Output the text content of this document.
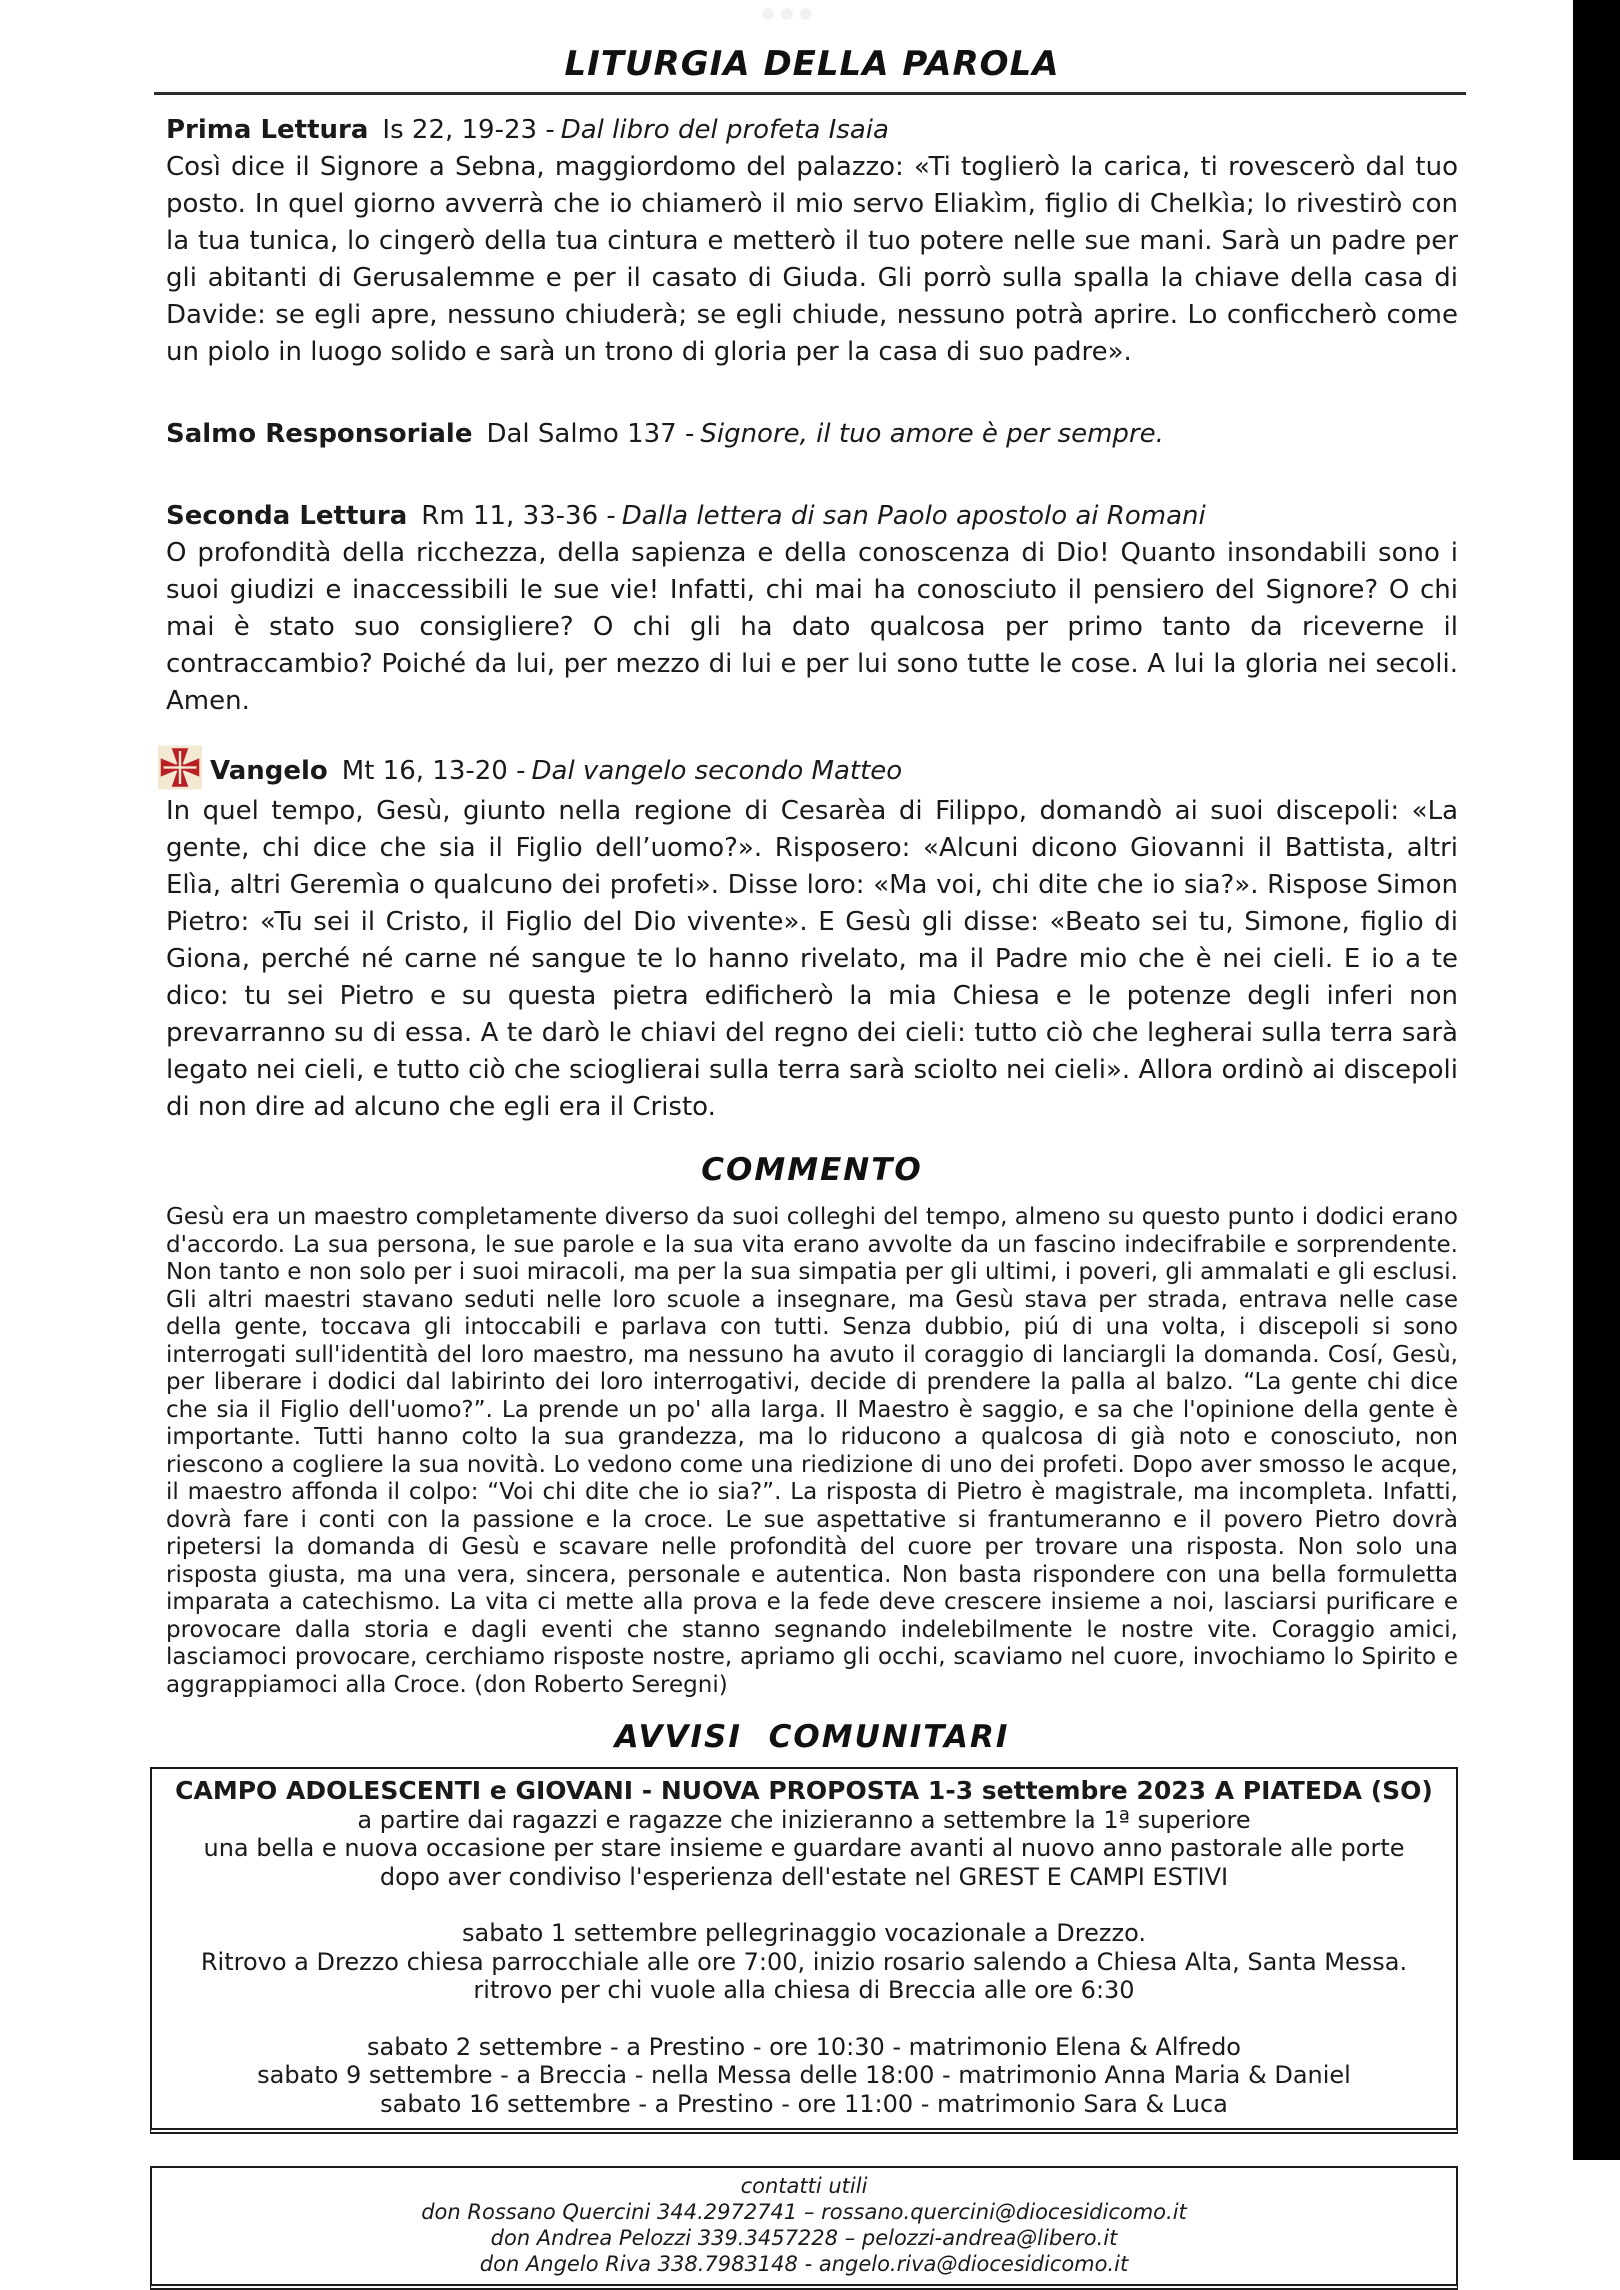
LITURGIA DELLA PAROLA
Prima Lettura Is 22, 19-23 - Dal libro del profeta Isaia

Così dice il Signore a Sebna, maggiordomo del palazzo: «Ti toglierò la carica, ti rovescerò dal tuo posto. In quel giorno avverrà che io chiamerò il mio servo Eliakìm, figlio di Chelkìa; lo rivestirò con la tua tunica, lo cingerò della tua cintura e metterò il tuo potere nelle sue mani. Sarà un padre per gli abitanti di Gerusalemme e per il casato di Giuda. Gli porrò sulla spalla la chiave della casa di Davide: se egli apre, nessuno chiuderà; se egli chiude, nessuno potrà aprire. Lo conficcherò come un piolo in luogo solido e sarà un trono di gloria per la casa di suo padre».

Salmo Responsoriale Dal Salmo 137 - Signore, il tuo amore è per sempre.
Seconda Lettura Rm 11, 33-36 - Dalla lettera di san Paolo apostolo ai Romani

O profondità della ricchezza, della sapienza e della conoscenza di Dio! Quanto insondabili sono i suoi giudizi e inaccessibili le sue vie! Infatti, chi mai ha conosciuto il pensiero del Signore? O chi mai è stato suo consigliere? O chi gli ha dato qualcosa per primo tanto da riceverne il contraccambio? Poiché da lui, per mezzo di lui e per lui sono tutte le cose. A lui la gloria nei secoli. Amen.

Vangelo Mt 16, 13-20 - Dal vangelo secondo Matteo

In quel tempo, Gesù, giunto nella regione di Cesarèa di Filippo, domandò ai suoi discepoli: «La gente, chi dice che sia il Figlio dell’uomo?». Risposero: «Alcuni dicono Giovanni il Battista, altri Elìa, altri Geremìa o qualcuno dei profeti». Disse loro: «Ma voi, chi dite che io sia?». Rispose Simon Pietro: «Tu sei il Cristo, il Figlio del Dio vivente». E Gesù gli disse: «Beato sei tu, Simone, figlio di Giona, perché né carne né sangue te lo hanno rivelato, ma il Padre mio che è nei cieli. E io a te dico: tu sei Pietro e su questa pietra edificherò la mia Chiesa e le potenze degli inferi non prevarranno su di essa. A te darò le chiavi del regno dei cieli: tutto ciò che legherai sulla terra sarà legato nei cieli, e tutto ciò che scioglierai sulla terra sarà sciolto nei cieli». Allora ordinò ai discepoli di non dire ad alcuno che egli era il Cristo.

COMMENTO

Gesù era un maestro completamente diverso da suoi colleghi del tempo, almeno su questo punto i dodici erano d'accordo. La sua persona, le sue parole e la sua vita erano avvolte da un fascino indecifrabile e sorprendente. Non tanto e non solo per i suoi miracoli, ma per la sua simpatia per gli ultimi, i poveri, gli ammalati e gli esclusi. Gli altri maestri stavano seduti nelle loro scuole a insegnare, ma Gesù stava per strada, entrava nelle case della gente, toccava gli intoccabili e parlava con tutti. Senza dubbio, piú di una volta, i discepoli si sono interrogati sull'identità del loro maestro, ma nessuno ha avuto il coraggio di lanciargli la domanda. Cosí, Gesù, per liberare i dodici dal labirinto dei loro interrogativi, decide di prendere la palla al balzo. “La gente chi dice che sia il Figlio dell'uomo?”. La prende un po' alla larga. Il Maestro è saggio, e sa che l'opinione della gente è importante. Tutti hanno colto la sua grandezza, ma lo riducono a qualcosa di già noto e conosciuto, non riescono a cogliere la sua novità. Lo vedono come una riedizione di uno dei profeti. Dopo aver smosso le acque, il maestro affonda il colpo: “Voi chi dite che io sia?”. La risposta di Pietro è magistrale, ma incompleta. Infatti, dovrà fare i conti con la passione e la croce. Le sue aspettative si frantumeranno e il povero Pietro dovrà ripetersi la domanda di Gesù e scavare nelle profondità del cuore per trovare una risposta. Non solo una risposta giusta, ma una vera, sincera, personale e autentica. Non basta rispondere con una bella formuletta imparata a catechismo. La vita ci mette alla prova e la fede deve crescere insieme a noi, lasciarsi purificare e provocare dalla storia e dagli eventi che stanno segnando indelebilmente le nostre vite. Coraggio amici, lasciamoci provocare, cerchiamo risposte nostre, apriamo gli occhi, scaviamo nel cuore, invochiamo lo Spirito e aggrappiamoci alla Croce. (don Roberto Seregni)

AVVISI COMUNITARI
CAMPO ADOLESCENTI e GIOVANI - NUOVA PROPOSTA 1-3 settembre 2023 A PIATEDA (SO)
a partire dai ragazzi e ragazze che inizieranno a settembre la 1ª superiore
una bella e nuova occasione per stare insieme e guardare avanti al nuovo anno pastorale alle porte
dopo aver condiviso l'esperienza dell'estate nel GREST E CAMPI ESTIVI
sabato 1 settembre pellegrinaggio vocazionale a Drezzo.
Ritrovo a Drezzo chiesa parrocchiale alle ore 7:00, inizio rosario salendo a Chiesa Alta, Santa Messa.
ritrovo per chi vuole alla chiesa di Breccia alle ore 6:30
sabato 2 settembre - a Prestino - ore 10:30 - matrimonio Elena & Alfredo
sabato 9 settembre - a Breccia - nella Messa delle 18:00 - matrimonio Anna Maria & Daniel
sabato 16 settembre - a Prestino - ore 11:00 - matrimonio Sara & Luca
contatti utili
don Rossano Quercini 344.2972741 – rossano.quercini@diocesidicomo.it
don Andrea Pelozzi 339.3457228 – pelozzi-andrea@libero.it
don Angelo Riva 338.7983148 - angelo.riva@diocesidicomo.it
